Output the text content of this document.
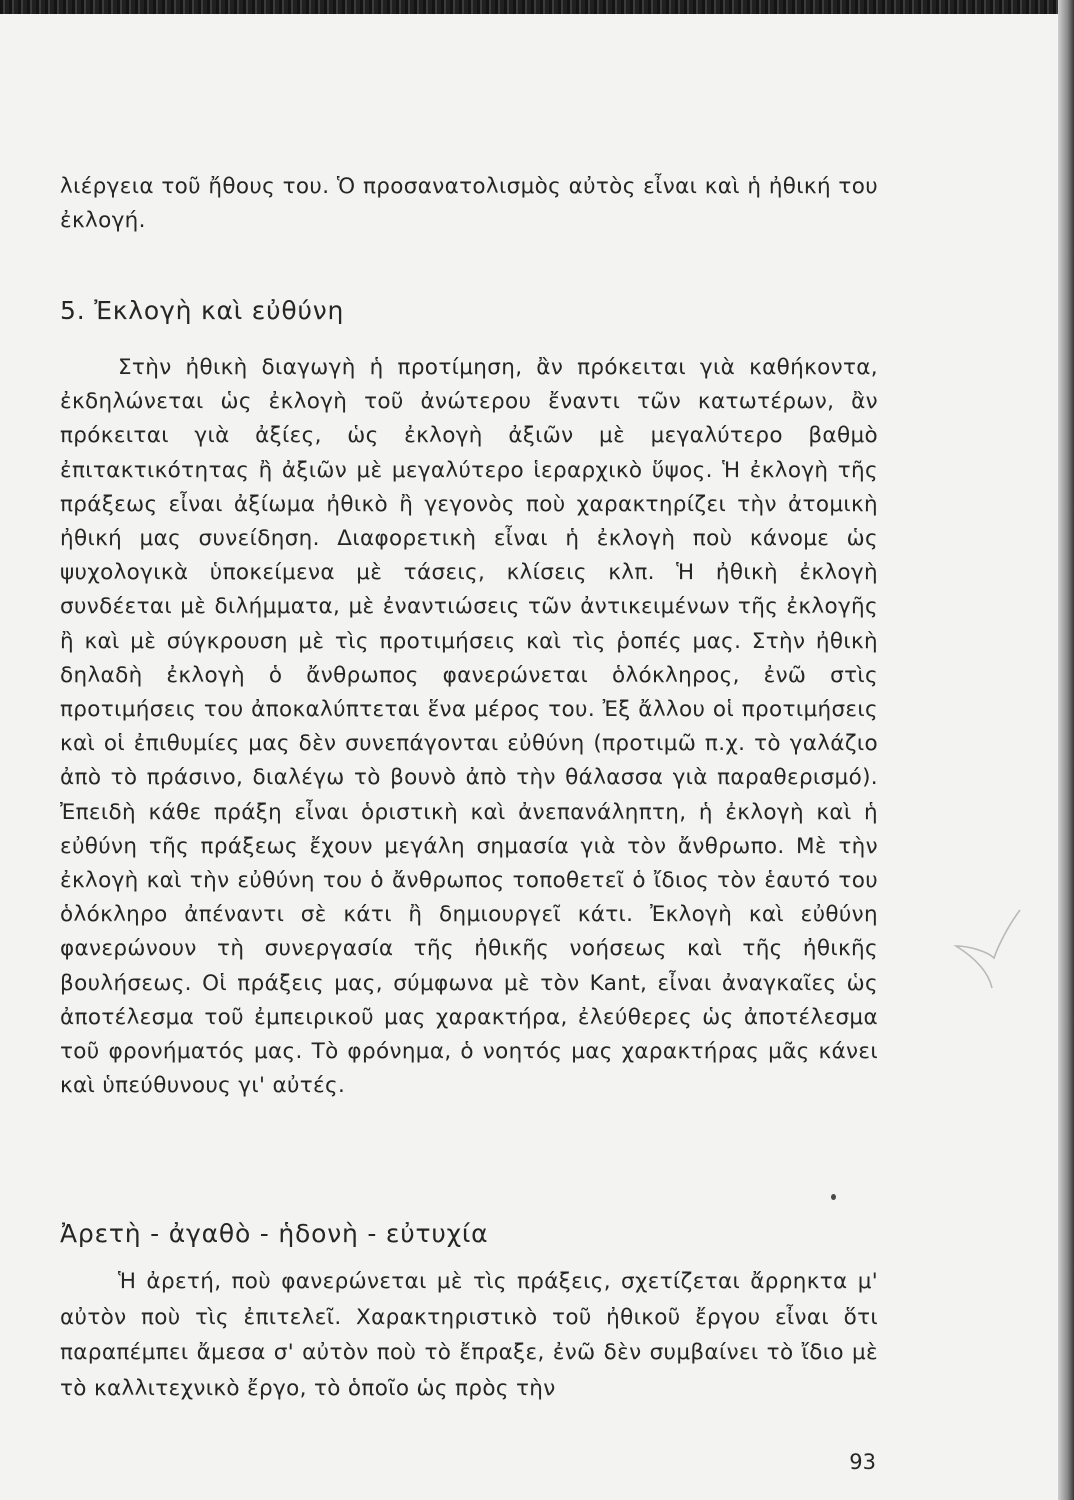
λιέργεια τοῦ ἤθους του. Ὁ προσανατολισμὸς αὐτὸς εἶναι καὶ ἡ ἠθική του ἐκλογή.

5. Ἐκλογὴ καὶ εὐθύνη

Στὴν ἠθικὴ διαγωγὴ ἡ προτίμηση, ἂν πρόκειται γιὰ καθήκοντα, ἐκδηλώνεται ὡς ἐκλογὴ τοῦ ἀνώτερου ἔναντι τῶν κατωτέρων, ἂν πρόκειται γιὰ ἀξίες, ὡς ἐκλογὴ ἀξιῶν μὲ μεγαλύτερο βαθμὸ ἐπιτακτικότητας ἢ ἀξιῶν μὲ μεγαλύτερο ἱεραρχικὸ ὕψος. Ἡ ἐκλογὴ τῆς πράξεως εἶναι ἀξίωμα ἠθικὸ ἢ γεγονὸς ποὺ χαρακτηρίζει τὴν ἀτομικὴ ἠθική μας συνείδηση. Διαφορετικὴ εἶναι ἡ ἐκλογὴ ποὺ κάνομε ὡς ψυχολογικὰ ὑποκείμενα μὲ τάσεις, κλίσεις κλπ. Ἡ ἠθικὴ ἐκλογὴ συνδέεται μὲ διλήμματα, μὲ ἐναντιώσεις τῶν ἀντικειμένων τῆς ἐκλογῆς ἢ καὶ μὲ σύγκρουση μὲ τὶς προτιμήσεις καὶ τὶς ῥοπές μας. Στὴν ἠθικὴ δηλαδὴ ἐκλογὴ ὁ ἄνθρωπος φανερώνεται ὁλόκληρος, ἐνῶ στὶς προτιμήσεις του ἀποκαλύπτεται ἕνα μέρος του. Ἐξ ἄλλου οἱ προτιμήσεις καὶ οἱ ἐπιθυμίες μας δὲν συνεπάγονται εὐθύνη (προτιμῶ π.χ. τὸ γαλάζιο ἀπὸ τὸ πράσινο, διαλέγω τὸ βουνὸ ἀπὸ τὴν θάλασσα γιὰ παραθερισμό). Ἐπειδὴ κάθε πράξη εἶναι ὁριστικὴ καὶ ἀνεπανάληπτη, ἡ ἐκλογὴ καὶ ἡ εὐθύνη τῆς πράξεως ἔχουν μεγάλη σημασία γιὰ τὸν ἄνθρωπο. Μὲ τὴν ἐκλογὴ καὶ τὴν εὐθύνη του ὁ ἄνθρωπος τοποθετεῖ ὁ ἴδιος τὸν ἑαυτό του ὁλόκληρο ἀπέναντι σὲ κάτι ἢ δημιουργεῖ κάτι. Ἐκλογὴ καὶ εὐθύνη φανερώνουν τὴ συνεργασία τῆς ἠθικῆς νοήσεως καὶ τῆς ἠθικῆς βουλήσεως. Οἱ πράξεις μας, σύμφωνα μὲ τὸν Kant, εἶναι ἀναγκαῖες ὡς ἀποτέλεσμα τοῦ ἐμπειρικοῦ μας χαρακτήρα, ἐλεύθερες ὡς ἀποτέλεσμα τοῦ φρονήματός μας. Τὸ φρόνημα, ὁ νοητός μας χαρακτήρας μᾶς κάνει καὶ ὑπεύθυνους γι' αὐτές.

Ἀρετὴ - ἀγαθὸ - ἡδονὴ - εὐτυχία

Ἡ ἀρετή, ποὺ φανερώνεται μὲ τὶς πράξεις, σχετίζεται ἄρρηκτα μ' αὐτὸν ποὺ τὶς ἐπιτελεῖ. Χαρακτηριστικὸ τοῦ ἠθικοῦ ἔργου εἶναι ὅτι παραπέμπει ἄμεσα σ' αὐτὸν ποὺ τὸ ἔπραξε, ἐνῶ δὲν συμβαίνει τὸ ἴδιο μὲ τὸ καλλιτεχνικὸ ἔργο, τὸ ὁποῖο ὡς πρὸς τὴν

93
